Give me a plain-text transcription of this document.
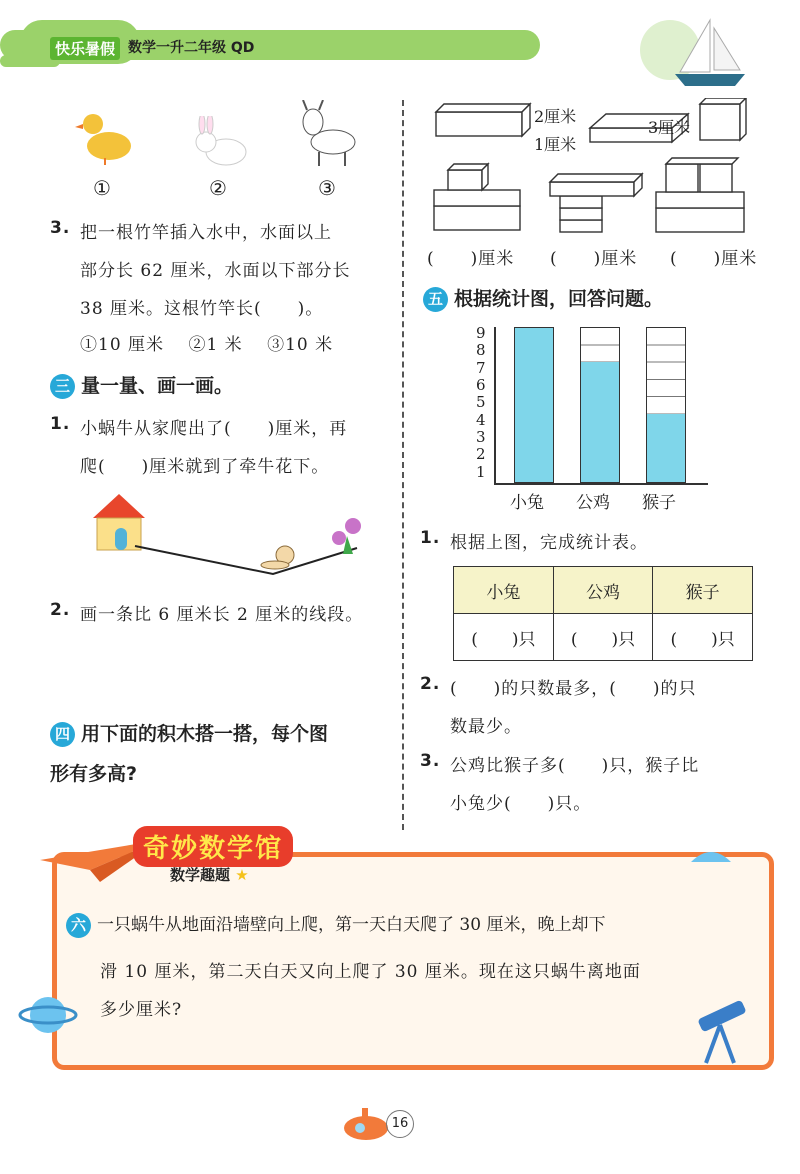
快乐暑假 数学一升二年级 QD
①	②	③
3. 把一根竹竿插入水中，水面以上
部分长 62 厘米，水面以下部分长
38 厘米。这根竹竿长(　　)。
①10 厘米　 ②1 米　 ③10 米
三 量一量、画一画。
1. 小蜗牛从家爬出了(　　)厘米，再
爬(　　)厘米就到了牵牛花下。
2. 画一条比 6 厘米长 2 厘米的线段。
四 用下面的积木搭一搭，每个图
形有多高?
2厘米
1厘米
3厘米
(　　)厘米 (　　)厘米 (　　)厘米
五 根据统计图，回答问题。
1
2
3
4
5
6
7
8
9
小兔 公鸡 猴子
1. 根据上图，完成统计表。
小兔	公鸡	猴子
(　　)只	(　　)只	(　　)只
2. (　　)的只数最多，(　　)的只
数最少。
3. 公鸡比猴子多(　　)只，猴子比
小兔少(　　)只。
奇妙数学馆
数学趣题 ★
六 一只蜗牛从地面沿墙壁向上爬，第一天白天爬了 30 厘米，晚上却下
滑 10 厘米，第二天白天又向上爬了 30 厘米。现在这只蜗牛离地面
多少厘米?
16
